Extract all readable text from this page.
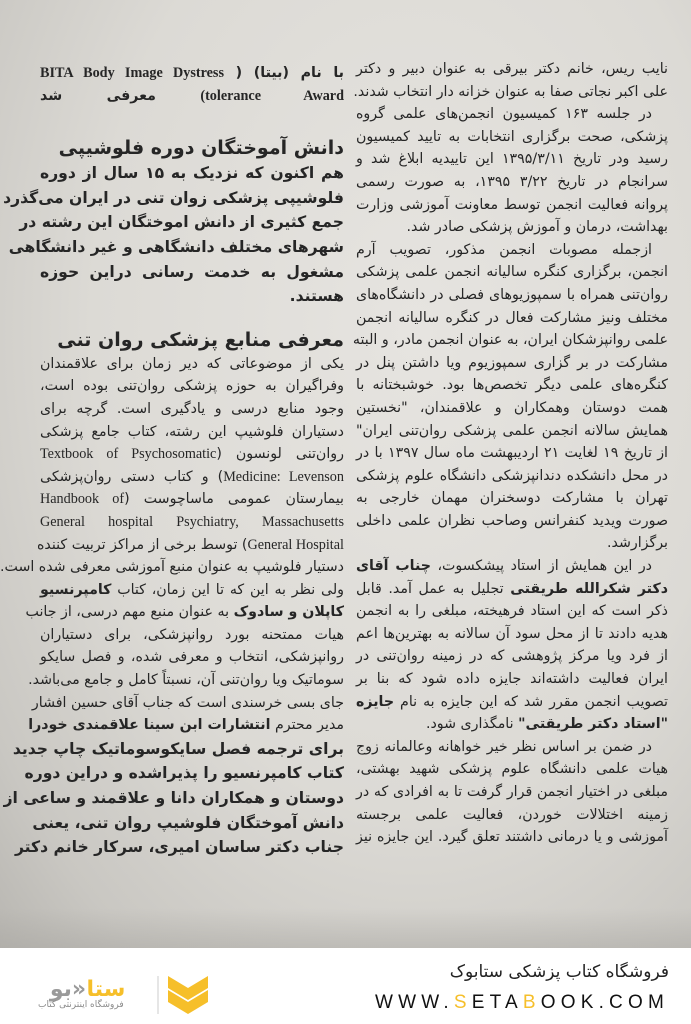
نایب ریس، خانم دکتر بیرقی به عنوان دبیر و دکتر
علی اکبر نجاتی صفا به عنوان خزانه دار انتخاب شدند.
در جلسه ۱۶۳ کمیسیون انجمن‌های علمی گروه
پزشکی، صحت برگزاری انتخابات به تایید کمیسیون
رسید ودر تاریخ ۱۳۹۵/۳/۱۱ این تاییدیه ابلاغ شد و
سرانجام در تاریخ ۳/۲۲ ۱۳۹۵، به صورت رسمی
پروانه فعالیت انجمن توسط معاونت آموزشی وزارت
بهداشت، درمان و آموزش پزشکی صادر شد.
ازجمله مصوبات انجمن مذکور، تصویب آرم
انجمن، برگزاری کنگره سالیانه انجمن علمی پزشکی
روان‌تنی همراه با سمپوزیوهای فصلی در دانشگاه‌های
مختلف ونیز مشارکت فعال در کنگره سالیانه انجمن
علمی روانپزشکان ایران، به عنوان انجمن مادر، و البته
مشارکت در بر گزاری سمپوزیوم ویا داشتن پنل در
کنگره‌های علمی دیگر تخصص‌ها بود. خوشبختانه با
همت دوستان وهمکاران و علاقمندان، "نخستین
همایش سالانه انجمن علمی پزشکی روان‌تنی ایران"
از تاریخ ۱۹ لغایت ۲۱ اردیبهشت ماه سال ۱۳۹۷ با در
در محل دانشکده دندانپزشکی دانشگاه علوم پزشکی
تهران با مشارکت دوسخنران مهمان خارجی به
صورت ویدید کنفرانس وصاحب نظران علمی داخلی
برگزارشد.
در این همایش از استاد پیشکسوت، چناب آقای
دکتر شکرالله طریقتی تجلیل به عمل آمد. قابل
ذکر است که این استاد فرهیخته، مبلغی را به انجمن
هدیه دادند تا از محل سود آن سالانه به بهترین‌ها اعم
از فرد ویا مرکز پژوهشی که در زمینه روان‌تنی در
ایران فعالیت داشته‌اند جایزه داده شود که بنا بر
تصویب انجمن مقرر شد که این جایزه به نام جایزه
"استاد دکتر طریقتی" نامگذاری شود.
در ضمن بر اساس نظر خیر خواهانه وعالمانه زوج
هیات علمی دانشگاه علوم پزشکی شهید بهشتی،
مبلغی در اختیار انجمن قرار گرفت تا به افرادی که در
زمینه اختلالات خوردن، فعالیت علمی برجسته
آموزشی و یا درمانی داشتند تعلق گیرد. این جایزه نیز
با نام (بیتا) ( BITA Body Image Dystress
tolerance Award) معرفی شد
دانش آموختگان دوره فلوشیپی
هم اکنون که نزدیک به ۱۵ سال از دوره
فلوشیپی پزشکی زوان تنی در ایران می‌گذرد
جمع کثیری از دانش اموختگان این رشته در
شهرهای مختلف دانشگاهی و غیر دانشگاهی
مشغول به خدمت رسانی دراین حوزه
هستند.
معرفی منابع پزشکی روان تنی
یکی از موضوعاتی که دیر زمان برای علاقمندان
وفراگیران به حوزه پزشکی روان‌تنی بوده است،
وجود منابع درسی و یادگیری است. گرچه برای
دستیاران فلوشیپ این رشته، کتاب جامع پزشکی
روان‌تنی لونسون (Textbook of Psychosomatic
Medicine: Levenson) و کتاب دستی روان‌پزشکی
بیمارستان عمومی ماساچوست (Handbook of
General hospital Psychiatry, Massachusetts
General Hospital) توسط برخی از مراکز تربیت کننده
دستیار فلوشیپ به عنوان منبع آموزشی معرفی شده است.
ولی نظر به این که تا این زمان، کتاب کامپرنسیو
کاپلان و سادوک به عنوان منبع مهم درسی، از جانب
هیات ممتحنه بورد روانپزشکی، برای دستیاران
روانپزشکی، انتخاب و معرفی شده، و فصل سایکو
سوماتیک ویا روان‌تنی آن، نسبتاً کامل و جامع می‌باشد.
جای بسی خرسندی است که جناب آقای حسین افشار
مدیر محترم انتشارات ابن سینا علاقمندی خودرا
برای ترجمه فصل سایکوسوماتیک چاپ جدید
کتاب کامپرنسیو را پذیراشده و دراین دوره
دوستان و همکاران دانا و علاقمند و ساعی از
دانش آموختگان فلوشیپ روان تنی، یعنی
جناب دکتر ساسان امیری، سرکار خانم دکتر
ستا
بو»
فروشگاه اینترنتی کتاب
فروشگاه کتاب پزشکی ستابوک
WWW.SETABOOK.COM
